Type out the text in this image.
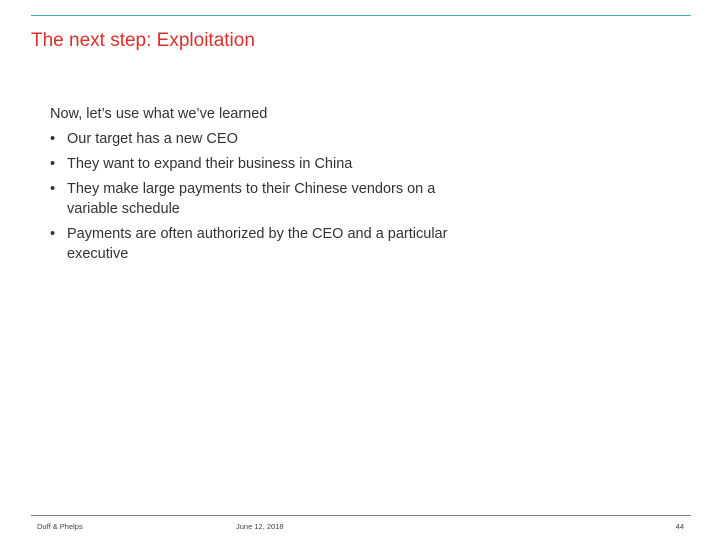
The next step: Exploitation

Now, let’s use what we’ve learned

• Our target has a new CEO
• They want to expand their business in China
• They make large payments to their Chinese vendors on a variable schedule
• Payments are often authorized by the CEO and a particular executive
Duff & Phelps	June 12, 2018	44
